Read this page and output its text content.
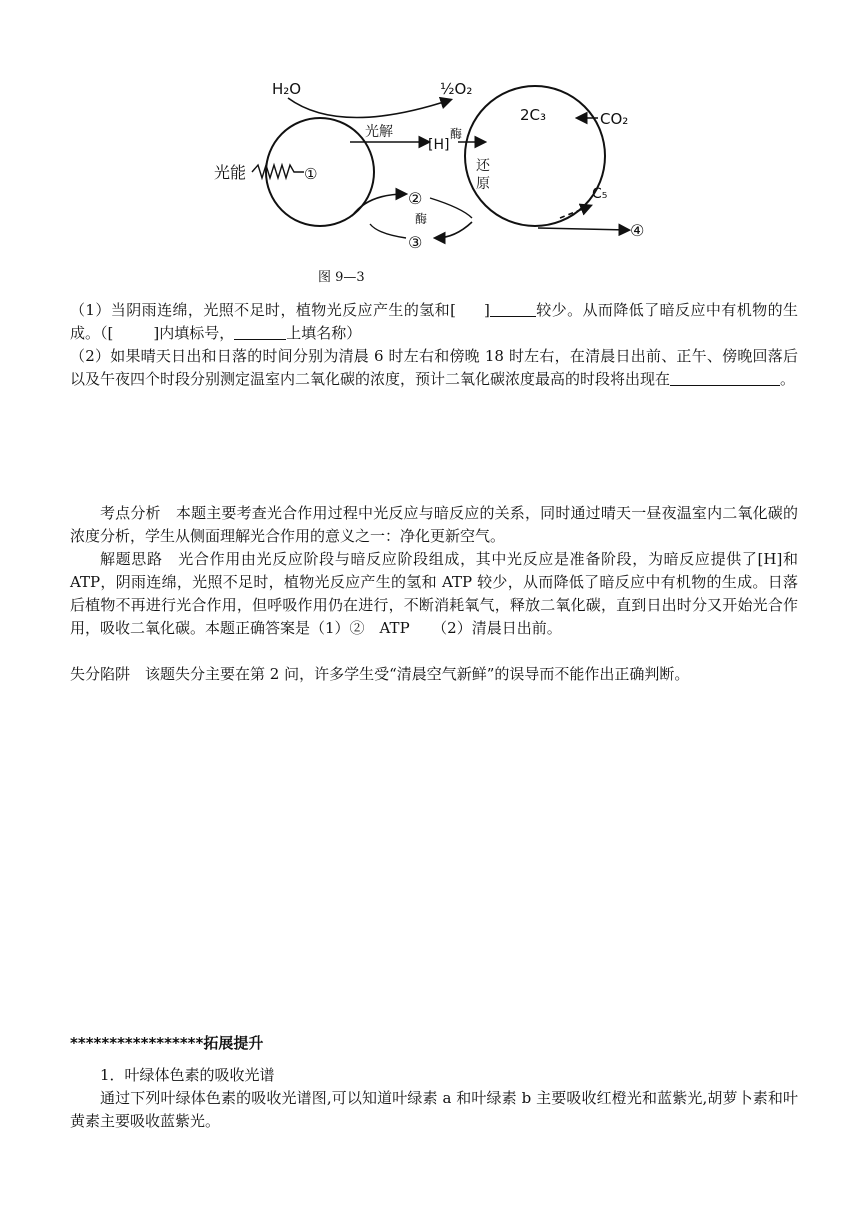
H₂O	½O₂
光解
[H]
酶
光能	①
②
酶
③
2C₃	CO₂
还
原
C₅
④
图 9—3
（1）当阴雨连绵，光照不足时，植物光反应产生的氢和[ ]	较少。从而降低了暗反应中有机物的生成。（[	]内填标号，	上填名称）
（2）如果晴天日出和日落的时间分别为清晨 6 时左右和傍晚 18 时左右，在清晨日出前、正午、傍晚回落后以及午夜四个时段分别测定温室内二氧化碳的浓度，预计二氧化碳浓度最高的时段将出现在	。
考点分析　本题主要考查光合作用过程中光反应与暗反应的关系，同时通过晴天一昼夜温室内二氧化碳的浓度分析，学生从侧面理解光合作用的意义之一：净化更新空气。
解题思路　光合作用由光反应阶段与暗反应阶段组成，其中光反应是准备阶段，为暗反应提供了[H]和 ATP，阴雨连绵，光照不足时，植物光反应产生的氢和 ATP 较少，从而降低了暗反应中有机物的生成。日落后植物不再进行光合作用，但呼吸作用仍在进行，不断消耗氧气，释放二氧化碳，直到日出时分又开始光合作用，吸收二氧化碳。本题正确答案是（1）②　ATP　　（2）清晨日出前。
失分陷阱　该题失分主要在第 2 问，许多学生受“清晨空气新鲜”的误导而不能作出正确判断。
*****************拓展提升
1．叶绿体色素的吸收光谱
通过下列叶绿体色素的吸收光谱图,可以知道叶绿素 a 和叶绿素 b 主要吸收红橙光和蓝紫光,胡萝卜素和叶黄素主要吸收蓝紫光。
